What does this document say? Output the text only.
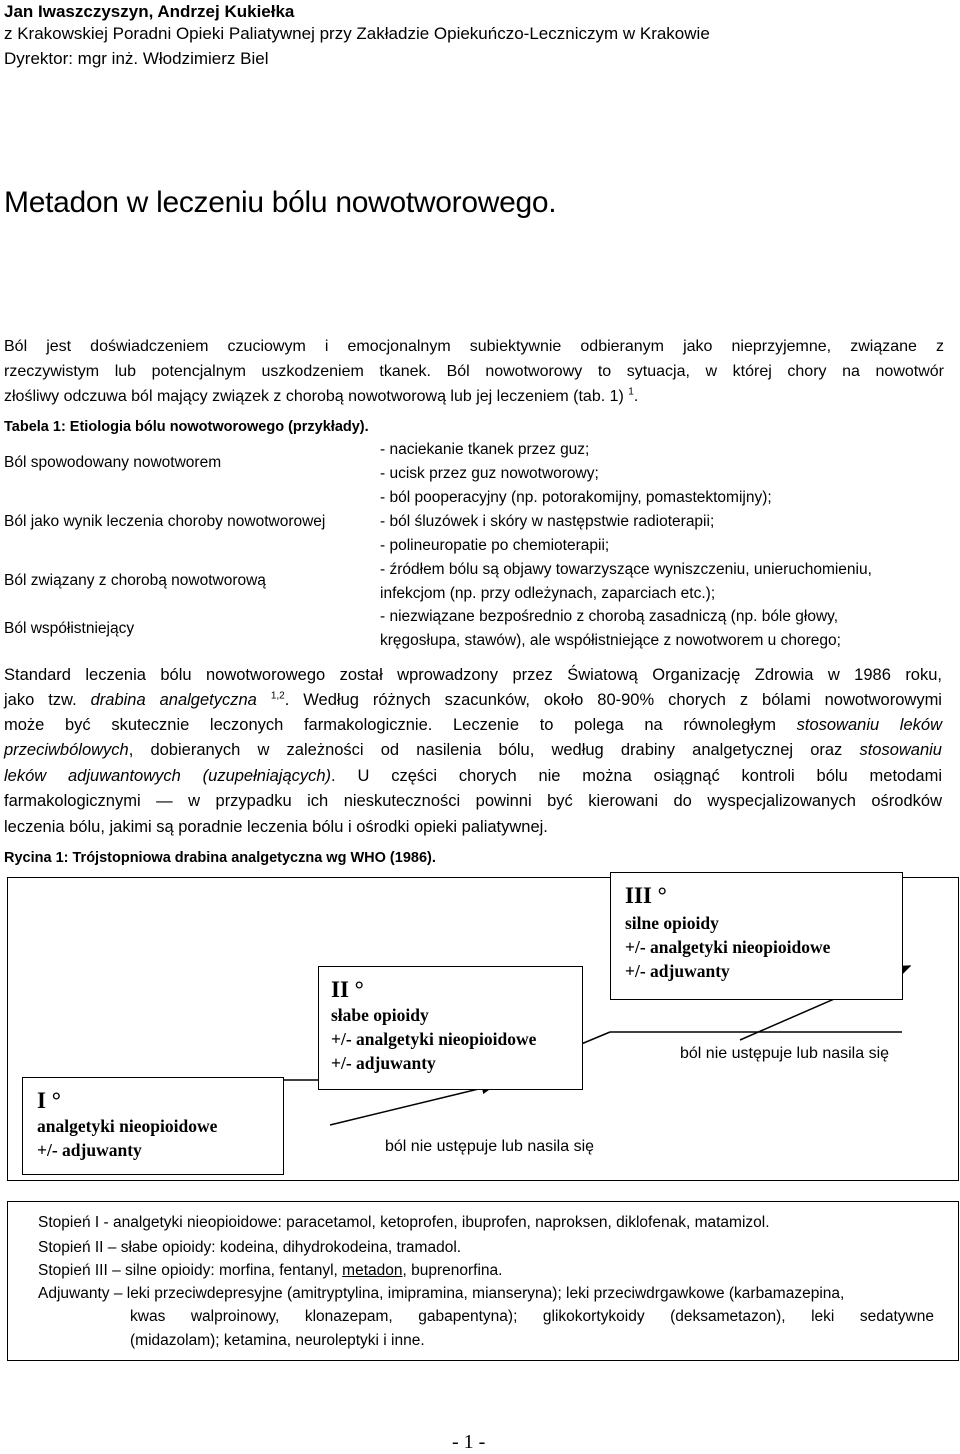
Jan Iwaszczyszyn, Andrzej Kukiełka
z Krakowskiej Poradni Opieki Paliatywnej przy Zakładzie Opiekuńczo-Leczniczym w Krakowie
Dyrektor: mgr inż. Włodzimierz Biel
Metadon w leczeniu bólu nowotworowego.
Ból jest doświadczeniem czuciowym i emocjonalnym subiektywnie odbieranym jako nieprzyjemne, związane z
rzeczywistym lub potencjalnym uszkodzeniem tkanek. Ból nowotworowy to sytuacja, w której chory na nowotwór
złośliwy odczuwa ból mający związek z chorobą nowotworową lub jej leczeniem (tab. 1) $^1$.
Tabela 1: Etiologia bólu nowotworowego (przykłady).
Ból spowodowany nowotworem
- naciekanie tkanek przez guz;
- ucisk przez guz nowotworowy;
Ból jako wynik leczenia choroby nowotworowej
- ból pooperacyjny (np. potorakomijny, pomastektomijny);
- ból śluzówek i skóry w następstwie radioterapii;
- polineuropatie po chemioterapii;
Ból związany z chorobą nowotworową
- źródłem bólu są objawy towarzyszące wyniszczeniu, unieruchomieniu,
infekcjom (np. przy odleżynach, zaparciach etc.);
Ból współistniejący
- niezwiązane bezpośrednio z chorobą zasadniczą (np. bóle głowy,
kręgosłupa, stawów), ale współistniejące z nowotworem u chorego;
Standard leczenia bólu nowotworowego został wprowadzony przez Światową Organizację Zdrowia w 1986 roku,
jako tzw. drabina analgetyczna $^{1,2}$. Według różnych szacunków, około 80-90% chorych z bólami nowotworowymi
może być skutecznie leczonych farmakologicznie. Leczenie to polega na równoległym stosowaniu leków
przeciwbólowych, dobieranych w zależności od nasilenia bólu, według drabiny analgetycznej oraz stosowaniu
leków adjuwantowych (uzupełniających). U części chorych nie można osiągnąć kontroli bólu metodami
farmakologicznymi — w przypadku ich nieskuteczności powinni być kierowani do wyspecjalizowanych ośrodków
leczenia bólu, jakimi są poradnie leczenia bólu i ośrodki opieki paliatywnej.
Rycina 1: Trójstopniowa drabina analgetyczna wg WHO (1986).
I °
analgetyki nieopioidowe
+/- adjuwanty
II °
słabe opioidy
+/- analgetyki nieopioidowe
+/- adjuwanty
III °
silne opioidy
+/- analgetyki nieopioidowe
+/- adjuwanty
ból nie ustępuje lub nasila się
ból nie ustępuje lub nasila się
Stopień I - analgetyki nieopioidowe: paracetamol, ketoprofen, ibuprofen, naproksen, diklofenak, matamizol.
Stopień II – słabe opioidy: kodeina, dihydrokodeina, tramadol.
Stopień III – silne opioidy: morfina, fentanyl, metadon, buprenorfina.
Adjuwanty – leki przeciwdepresyjne (amitryptylina, imipramina, mianseryna); leki przeciwdrgawkowe (karbamazepina,
kwas walproinowy, klonazepam, gabapentyna); glikokortykoidy (deksametazon), leki sedatywne
(midazolam); ketamina, neuroleptyki i inne.
- 1 -
